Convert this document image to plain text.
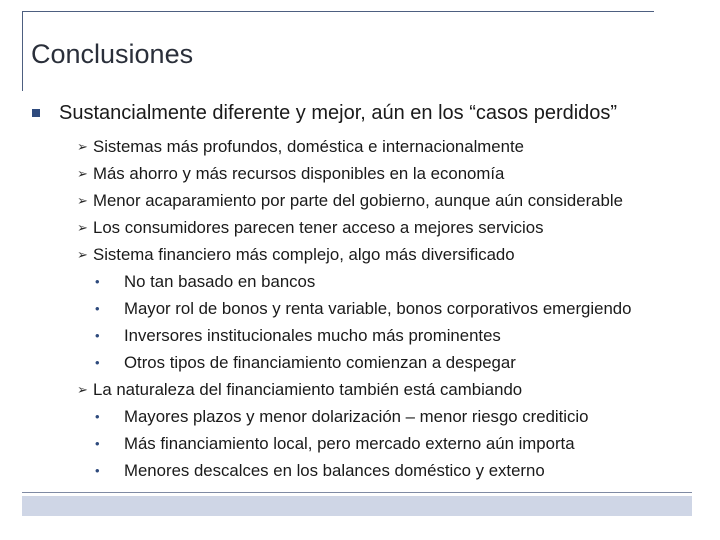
Conclusiones
Sustancialmente diferente y mejor, aún en los “casos perdidos”
➢ Sistemas más profundos, doméstica e internacionalmente
➢ Más ahorro y más recursos disponibles en la economía
➢ Menor acaparamiento por parte del gobierno, aunque aún considerable
➢ Los consumidores parecen tener acceso a mejores servicios
➢ Sistema financiero más complejo, algo más diversificado
•	No tan basado en bancos
•	Mayor rol de bonos y renta variable, bonos corporativos emergiendo
•	Inversores institucionales mucho más prominentes
•	Otros tipos de financiamiento comienzan a despegar
➢ La naturaleza del financiamiento también está cambiando
•	Mayores plazos y menor dolarización – menor riesgo crediticio
•	Más financiamiento local, pero mercado externo aún importa
•	Menores descalces en los balances doméstico y externo
